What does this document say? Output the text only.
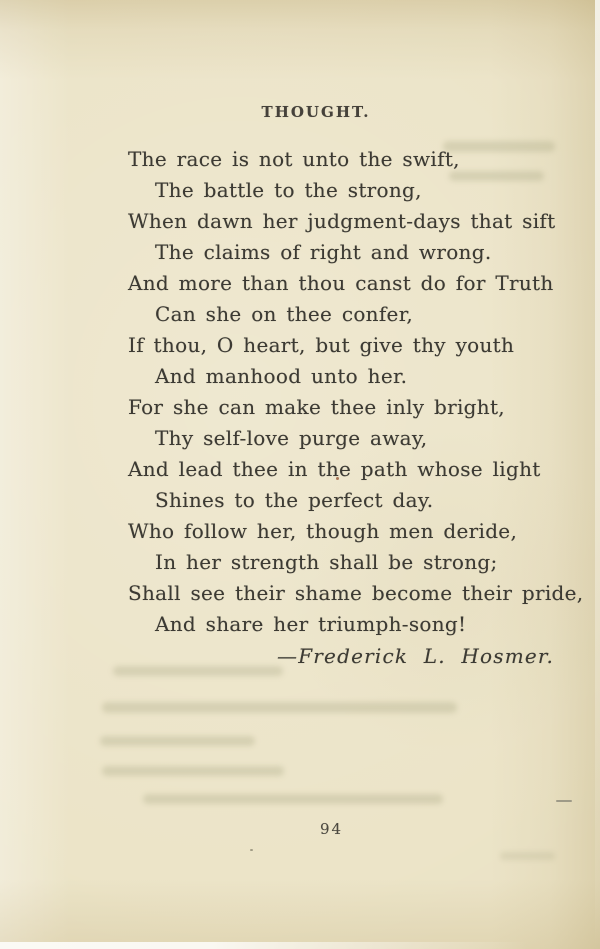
THOUGHT.
The race is not unto the swift,
The battle to the strong,
When dawn her judgment-days that sift
The claims of right and wrong.
And more than thou canst do for Truth
Can she on thee confer,
If thou, O heart, but give thy youth
And manhood unto her.
For she can make thee inly bright,
Thy self-love purge away,
And lead thee in the path whose light
Shines to the perfect day.
Who follow her, though men deride,
In her strength shall be strong;
Shall see their shame become their pride,
And share her triumph-song!
—Frederick L. Hosmer.
94
